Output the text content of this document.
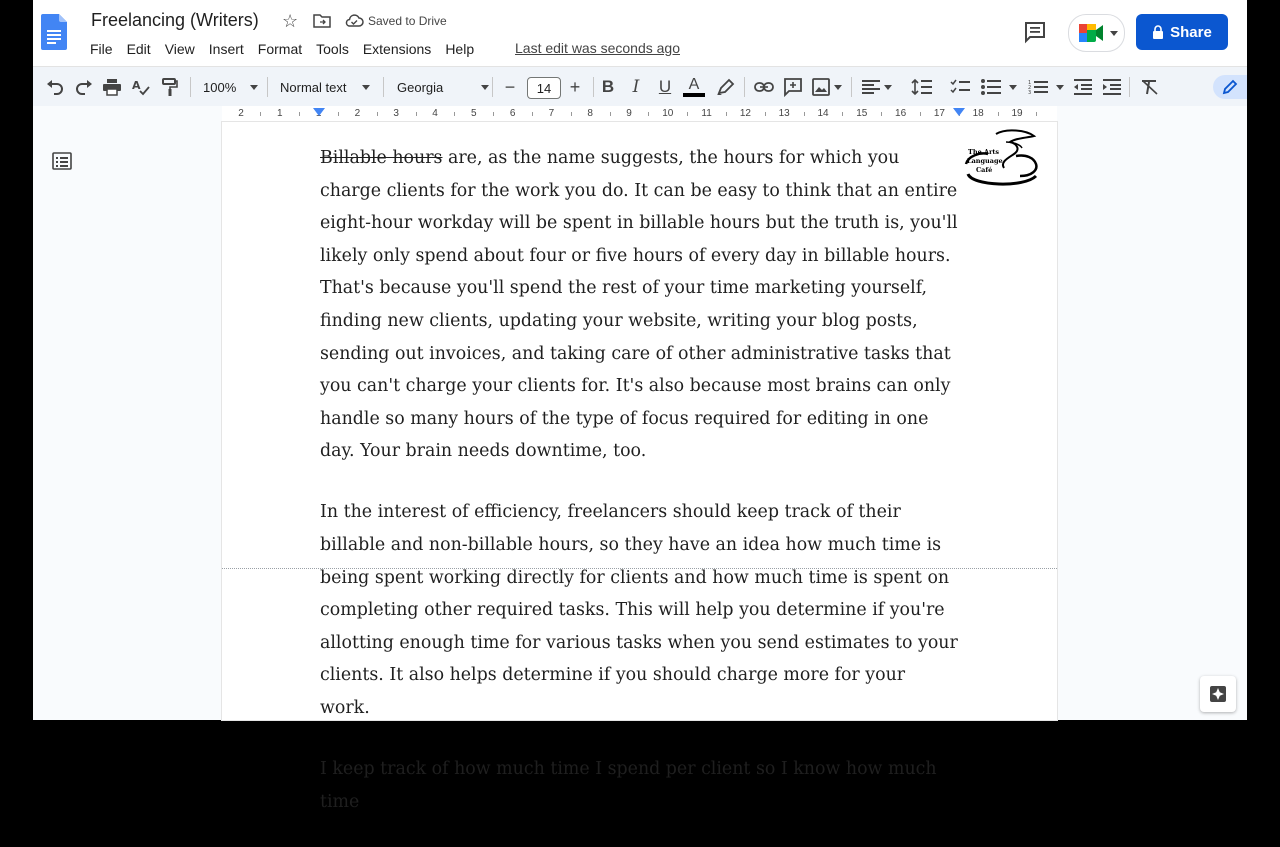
Freelancing (Writers) ☆	Saved to Drive
File	Edit	View	Insert	Format	Tools	Extensions	Help	Last edit was seconds ago
Share
A	100%	Normal text	Georgia	−	14	+	B	I	U	A	1
2
3
2	1	1	2	3	4	5	6	7	8	9	10	11	12	13	14	15	16	17	18	19

Billable hours are, as the name suggests, the hours for which you charge clients for the work you do. It can be easy to think that an entire eight-hour workday will be spent in billable hours but the truth is, you'll likely only spend about four or five hours of every day in billable hours. That's because you'll spend the rest of your time marketing yourself, finding new clients, updating your website, writing your blog posts, sending out invoices, and taking care of other administrative tasks that you can't charge your clients for. It's also because most brains can only handle so many hours of the type of focus required for editing in one day. Your brain needs downtime, too.

In the interest of efficiency, freelancers should keep track of their billable and non-billable hours, so they have an idea how much time is being spent working directly for clients and how much time is spent on completing other required tasks. This will help you determine if you're allotting enough time for various tasks when you send estimates to your clients. It also helps determine if you should charge more for your work.

I keep track of how much time I spend per client so I know how much time

The Arts
Language
Café
